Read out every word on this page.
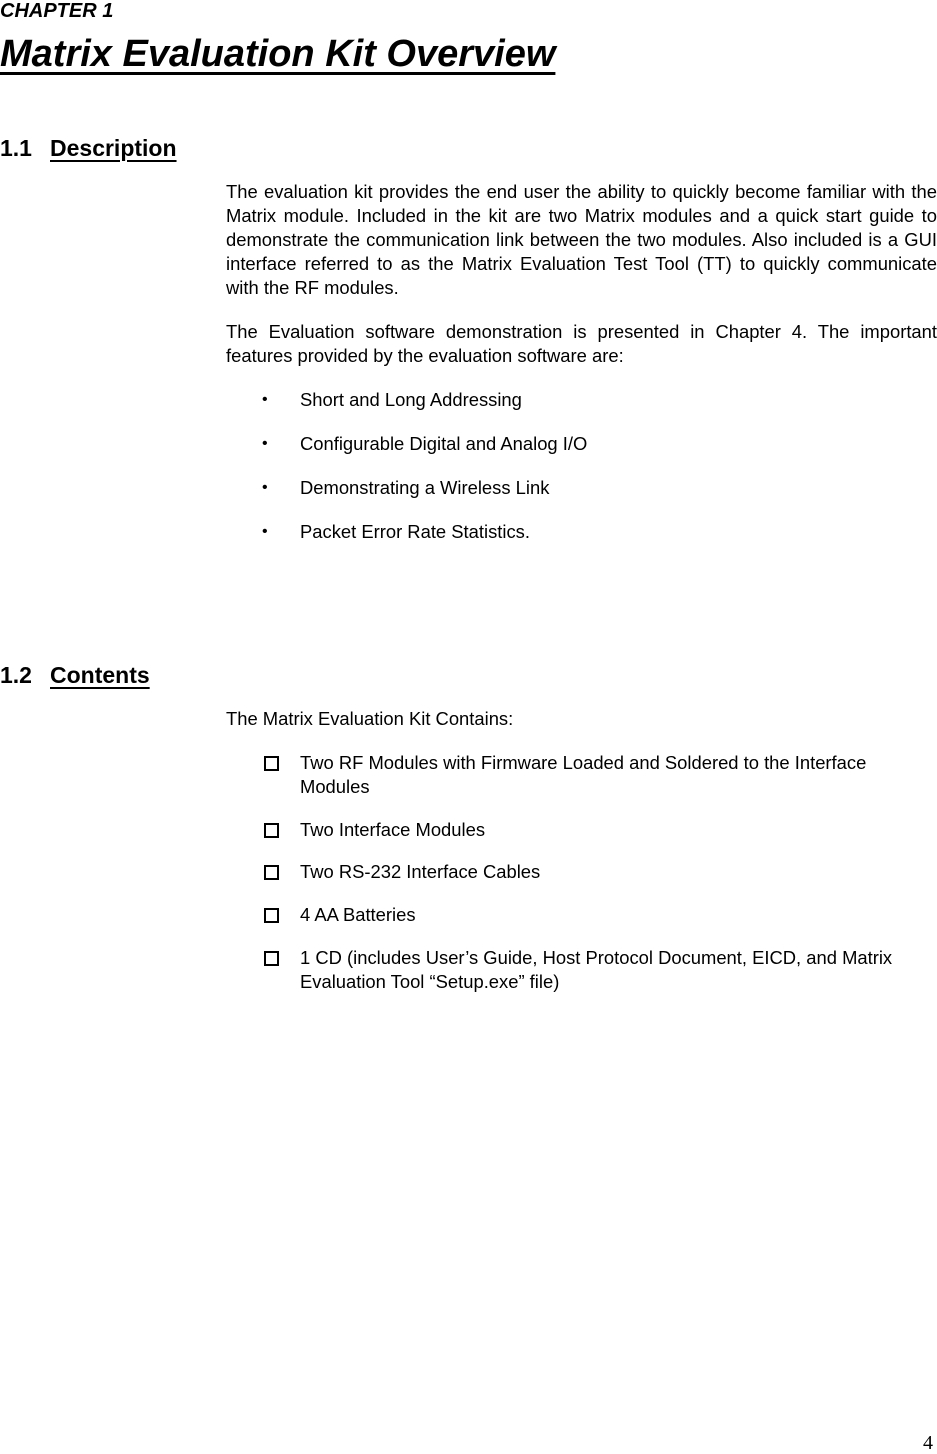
CHAPTER 1
Matrix Evaluation Kit Overview
1.1 Description

The evaluation kit provides the end user the ability to quickly become familiar with the Matrix module. Included in the kit are two Matrix modules and a quick start guide to demonstrate the communication link between the two modules. Also included is a GUI interface referred to as the Matrix Evaluation Test Tool (TT) to quickly communicate with the RF modules.

The Evaluation software demonstration is presented in Chapter 4. The important features provided by the evaluation software are:

• Short and Long Addressing
• Configurable Digital and Analog I/O
• Demonstrating a Wireless Link
• Packet Error Rate Statistics.
1.2 Contents

The Matrix Evaluation Kit Contains:

Two RF Modules with Firmware Loaded and Soldered to the Interface Modules
Two Interface Modules
Two RS-232 Interface Cables
4 AA Batteries
1 CD (includes User’s Guide, Host Protocol Document, EICD, and Matrix Evaluation Tool “Setup.exe” file)
4
